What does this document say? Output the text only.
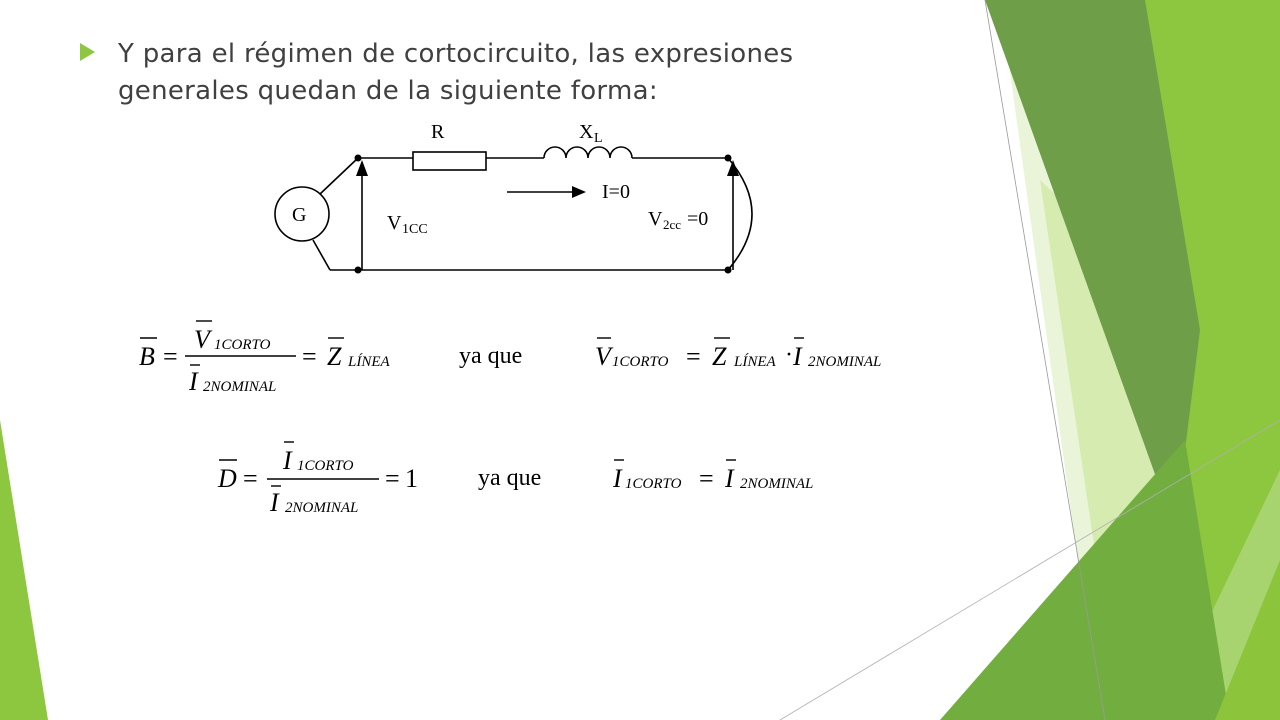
Y para el régimen de cortocircuito, las expresiones
generales quedan de la siguiente forma:
G
R	X L
I=0
V 1CC	V 2cc =0
B =
V 1CORTO
I 2NOMINAL
= Z LÍNEA	ya que	V 1CORTO = Z LÍNEA · I 2NOMINAL
D =
I 1CORTO
I 2NOMINAL
= 1	ya que	I 1CORTO = I 2NOMINAL
